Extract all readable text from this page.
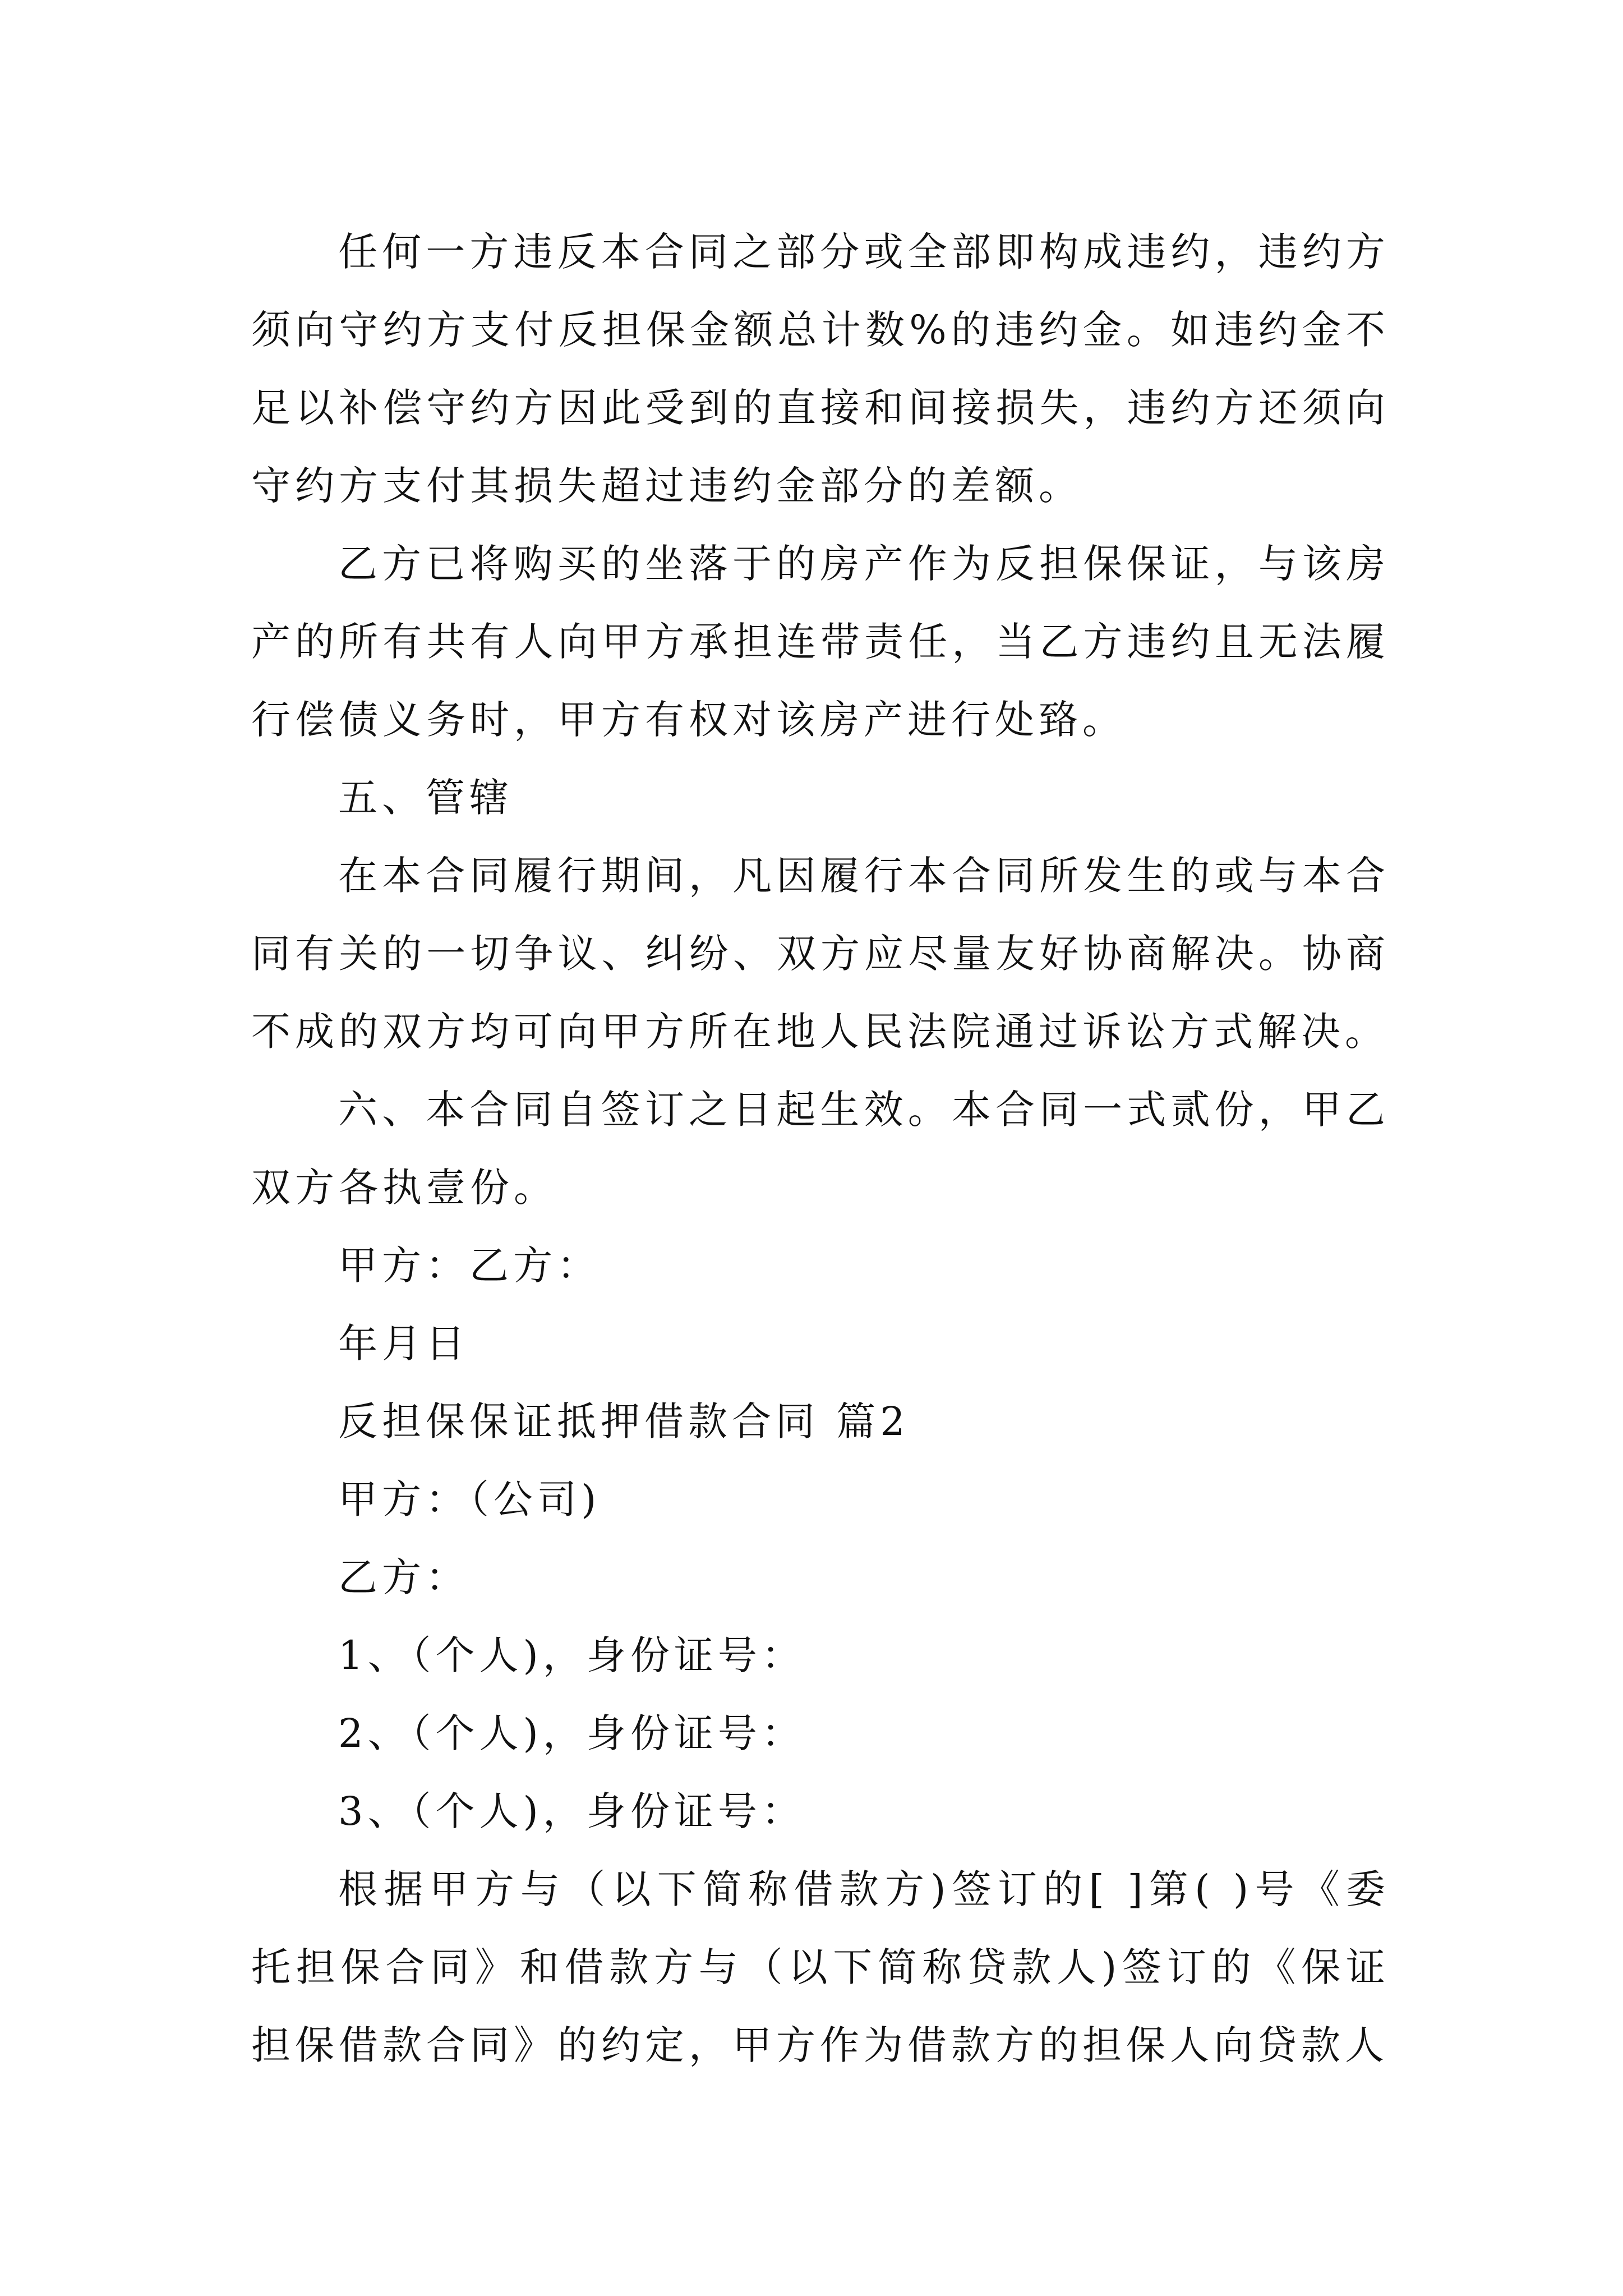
任何一方违反本合同之部分或全部即构成违约，违约方须向守约方支付反担保金额总计数%的违约金。如违约金不足以补偿守约方因此受到的直接和间接损失，违约方还须向守约方支付其损失超过违约金部分的差额。

乙方已将购买的坐落于的房产作为反担保保证，与该房产的所有共有人向甲方承担连带责任，当乙方违约且无法履行偿债义务时，甲方有权对该房产进行处臵。

五、管辖

在本合同履行期间，凡因履行本合同所发生的或与本合同有关的一切争议、纠纷、双方应尽量友好协商解决。协商不成的双方均可向甲方所在地人民法院通过诉讼方式解决。

六、本合同自签订之日起生效。本合同一式贰份，甲乙双方各执壹份。

甲方：乙方：

年月日

反担保保证抵押借款合同 篇2

甲方：（公司)

乙方：

1、（个人)，身份证号：

2、（个人)，身份证号：

3、（个人)，身份证号：

根据甲方与（以下简称借款方)签订的[ ]第( )号《委托担保合同》和借款方与（以下简称贷款人)签订的《保证担保借款合同》的约定，甲方作为借款方的担保人向贷款人
